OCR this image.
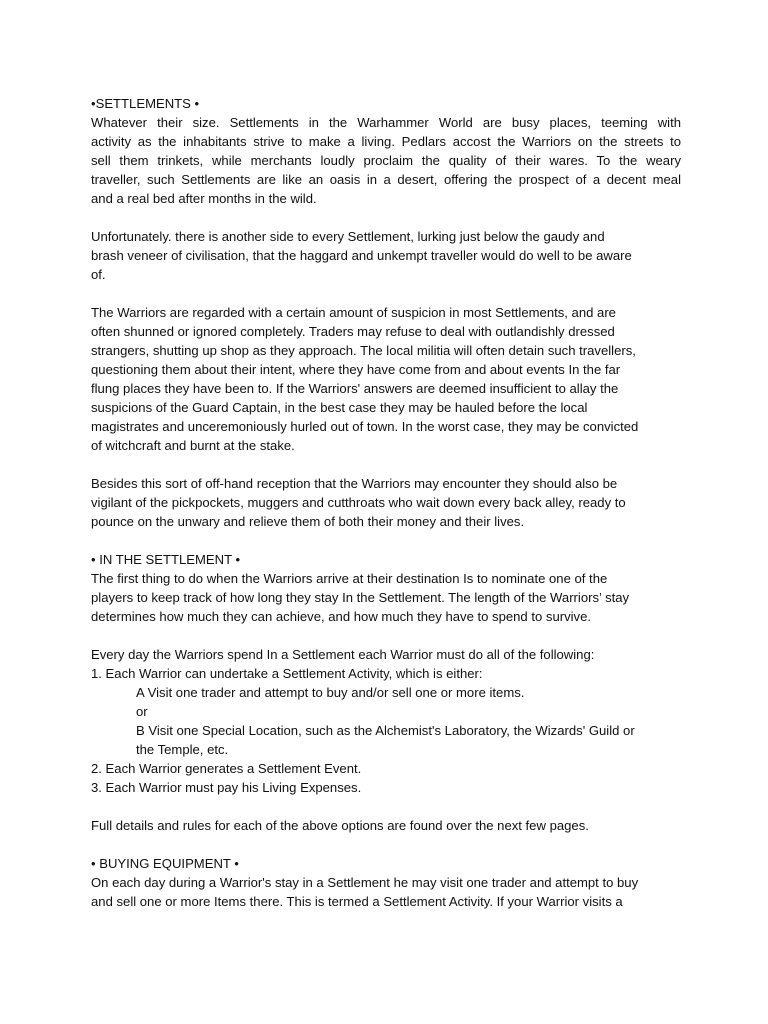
•SETTLEMENTS •
Whatever their size. Settlements in the Warhammer World are busy places, teeming with
activity as the inhabitants strive to make a living. Pedlars accost the Warriors on the streets to
sell them trinkets, while merchants loudly proclaim the quality of their wares. To the weary
traveller, such Settlements are like an oasis in a desert, offering the prospect of a decent meal
and a real bed after months in the wild.
Unfortunately. there is another side to every Settlement, lurking just below the gaudy and
brash veneer of civilisation, that the haggard and unkempt traveller would do well to be aware
of.
The Warriors are regarded with a certain amount of suspicion in most Settlements, and are
often shunned or ignored completely. Traders may refuse to deal with outlandishly dressed
strangers, shutting up shop as they approach. The local militia will often detain such travellers,
questioning them about their intent, where they have come from and about events In the far
flung places they have been to. If the Warriors' answers are deemed insufficient to allay the
suspicions of the Guard Captain, in the best case they may be hauled before the local
magistrates and unceremoniously hurled out of town. In the worst case, they may be convicted
of witchcraft and burnt at the stake.
Besides this sort of off-hand reception that the Warriors may encounter they should also be
vigilant of the pickpockets, muggers and cutthroats who wait down every back alley, ready to
pounce on the unwary and relieve them of both their money and their lives.
• IN THE SETTLEMENT •
The first thing to do when the Warriors arrive at their destination Is to nominate one of the
players to keep track of how long they stay In the Settlement. The length of the Warriors’ stay
determines how much they can achieve, and how much they have to spend to survive.
Every day the Warriors spend In a Settlement each Warrior must do all of the following:
1. Each Warrior can undertake a Settlement Activity, which is either:
A Visit one trader and attempt to buy and/or sell one or more items.
or
B Visit one Special Location, such as the Alchemist's Laboratory, the Wizards' Guild or
the Temple, etc.
2. Each Warrior generates a Settlement Event.
3. Each Warrior must pay his Living Expenses.
Full details and rules for each of the above options are found over the next few pages.
• BUYING EQUIPMENT •
On each day during a Warrior's stay in a Settlement he may visit one trader and attempt to buy
and sell one or more Items there. This is termed a Settlement Activity. If your Warrior visits a
